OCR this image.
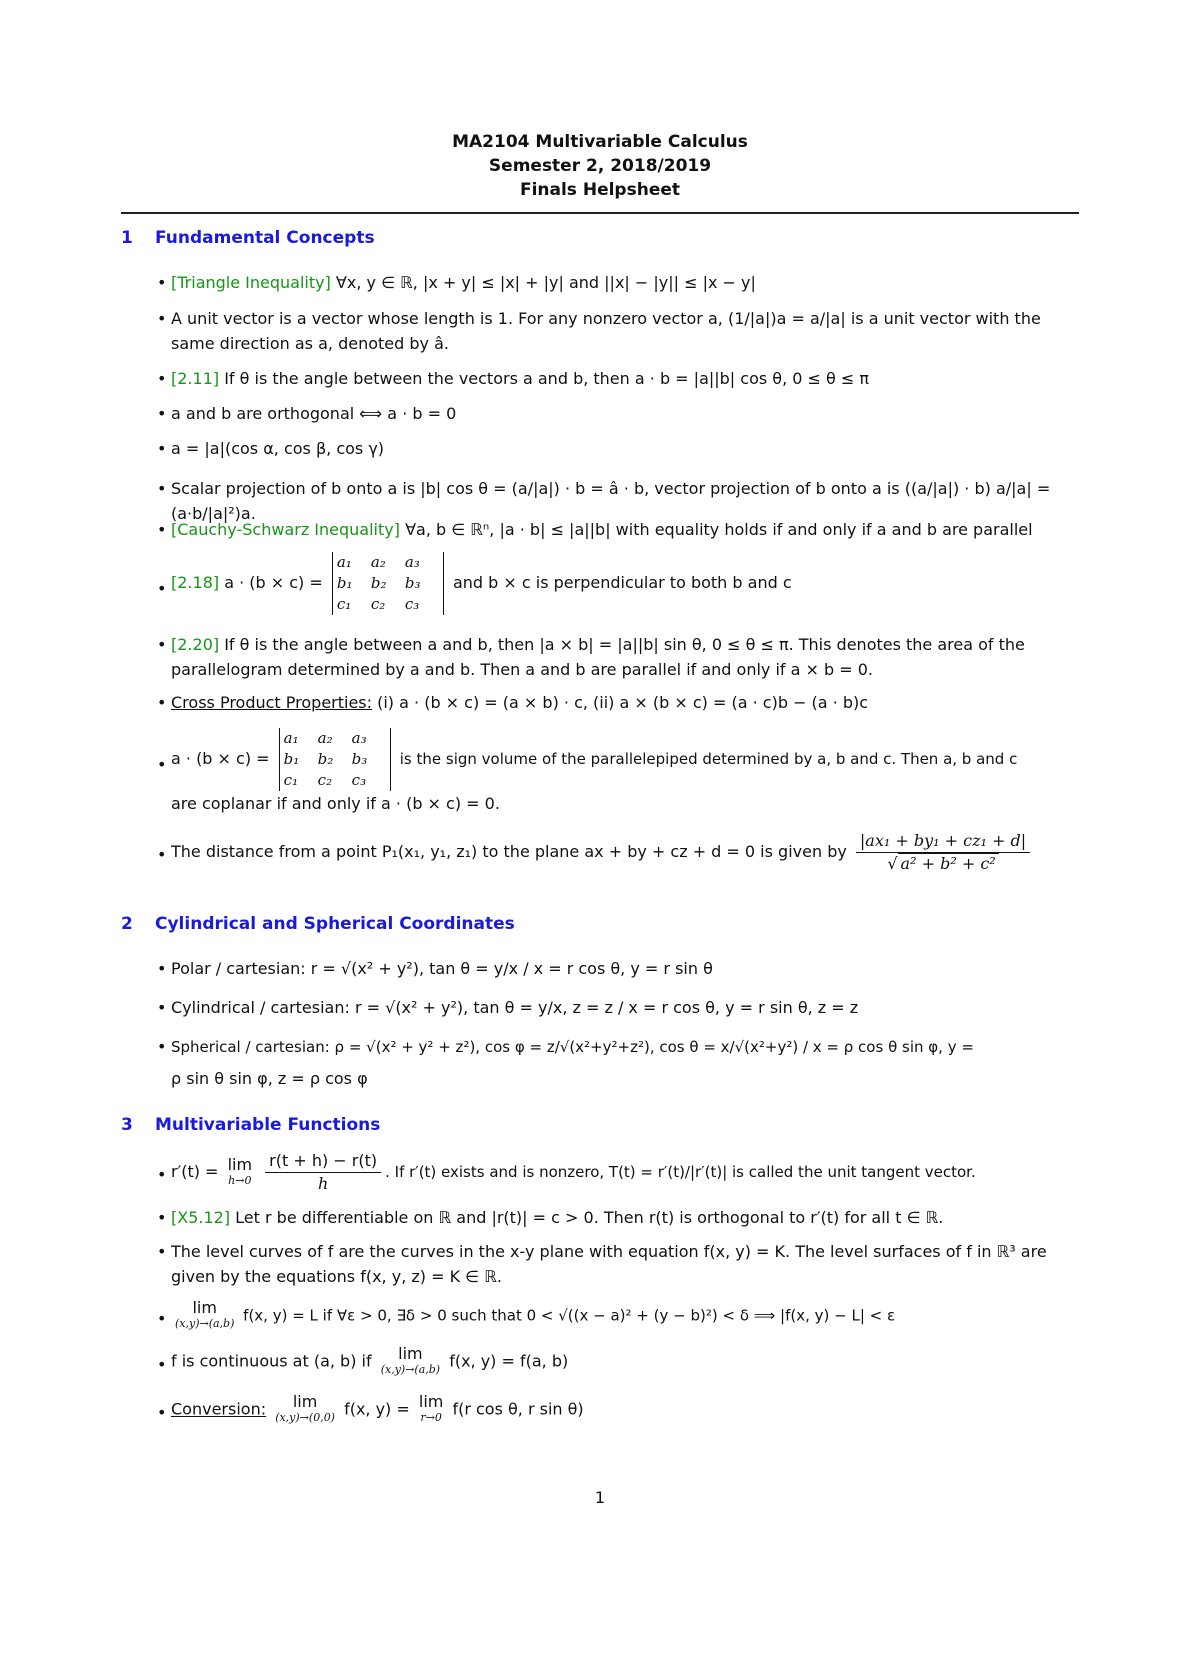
MA2104 Multivariable Calculus
Semester 2, 2018/2019
Finals Helpsheet
1 Fundamental Concepts
• [Triangle Inequality] ∀x, y ∈ ℝ, |x + y| ≤ |x| + |y| and ||x| − |y|| ≤ |x − y|
• A unit vector is a vector whose length is 1. For any nonzero vector a, (1/|a|)a = a/|a| is a unit vector with the same direction as a, denoted by â.
• [2.11] If θ is the angle between the vectors a and b, then a · b = |a||b| cos θ, 0 ≤ θ ≤ π
• a and b are orthogonal ⟺ a · b = 0
• a = |a|(cos α, cos β, cos γ)
• Scalar projection of b onto a is |b| cos θ = (a/|a|) · b = â · b, vector projection of b onto a is ((a/|a|) · b) a/|a| = (a·b/|a|²)a.
• [Cauchy-Schwarz Inequality] ∀a, b ∈ ℝⁿ, |a · b| ≤ |a||b| with equality holds if and only if a and b are parallel
• [2.18] a · (b × c) =
a₁ a₂ a₃
b₁ b₂ b₃
c₁ c₂ c₃
and b × c is perpendicular to both b and c
• [2.20] If θ is the angle between a and b, then |a × b| = |a||b| sin θ, 0 ≤ θ ≤ π. This denotes the area of the parallelogram determined by a and b. Then a and b are parallel if and only if a × b = 0.
• Cross Product Properties: (i) a · (b × c) = (a × b) · c, (ii) a × (b × c) = (a · c)b − (a · b)c
• a · (b × c) =
a₁ a₂ a₃
b₁ b₂ b₃
c₁ c₂ c₃
is the sign volume of the parallelepiped determined by a, b and c. Then a, b and c
are coplanar if and only if a · (b × c) = 0.
• The distance from a point P₁(x₁, y₁, z₁) to the plane ax + by + cz + d = 0 is given by $\frac{\text{|ax₁ + by₁ + cz₁ + d|}}{\text{√ a² + b² + c²}}$
2 Cylindrical and Spherical Coordinates
• Polar / cartesian: r = √(x² + y²), tan θ = y/x / x = r cos θ, y = r sin θ
• Cylindrical / cartesian: r = √(x² + y²), tan θ = y/x, z = z / x = r cos θ, y = r sin θ, z = z
• Spherical / cartesian: ρ = √(x² + y² + z²), cos φ = z/√(x²+y²+z²), cos θ = x/√(x²+y²) / x = ρ cos θ sin φ, y =
ρ sin θ sin φ, z = ρ cos φ
3 Multivariable Functions
• r′(t) = lim
h→0
$\frac{r(t + h) - r(t)}{h}$ . If r′(t) exists and is nonzero, T(t) = r′(t)/|r′(t)| is called the unit tangent vector.
• [X5.12] Let r be differentiable on ℝ and |r(t)| = c > 0. Then r(t) is orthogonal to r′(t) for all t ∈ ℝ.
• The level curves of f are the curves in the x-y plane with equation f(x, y) = K. The level surfaces of f in ℝ³ are given by the equations f(x, y, z) = K ∈ ℝ.
•
lim
(x,y)→(a,b) f(x, y) = L if ∀ε > 0, ∃δ > 0 such that 0 < √((x − a)² + (y − b)²) < δ ⟹ |f(x, y) − L| < ε
• f is continuous at (a, b) if lim
(x,y)→(a,b) f(x, y) = f(a, b)
• Conversion: lim
(x,y)→(0,0) f(x, y) = lim
r→0 f(r cos θ, r sin θ)
1
